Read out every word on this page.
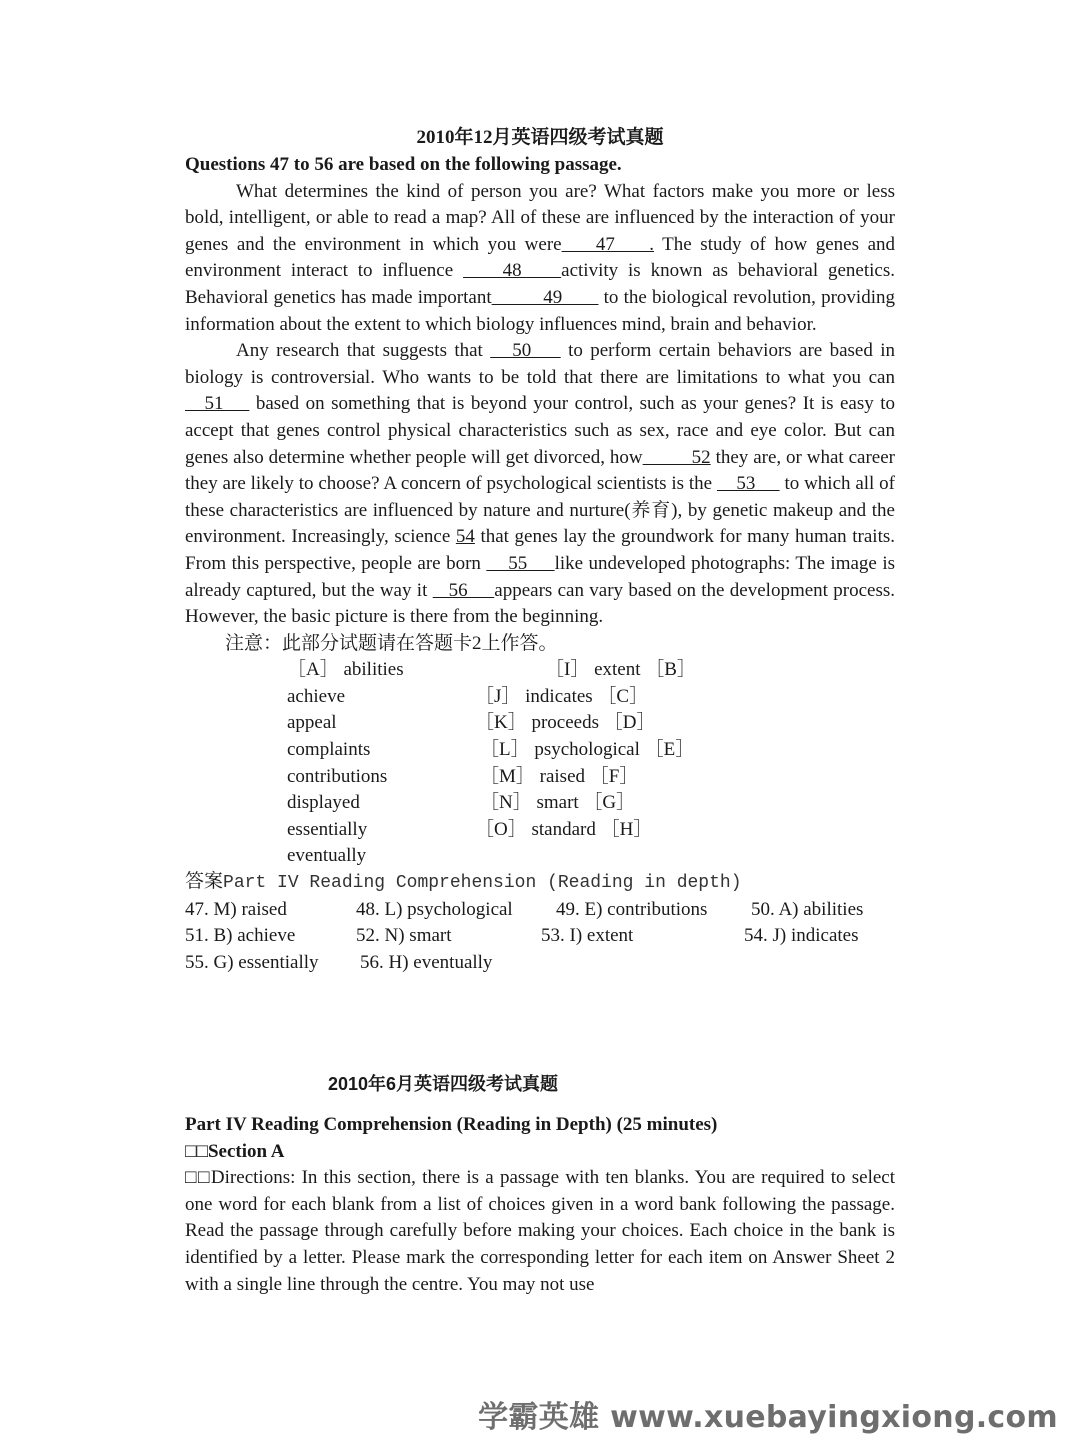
2010年12月英语四级考试真题

Questions 47 to 56 are based on the following passage.

What determines the kind of person you are? What factors make you more or less bold, intelligent, or able to read a map? All of these are influenced by the interaction of your genes and the environment in which you were    47    . The study of how genes and environment interact to influence     48    activity is known as behavioral genetics. Behavioral genetics has made important          49        to the biological revolution, providing information about the extent to which biology influences mind, brain and behavior.

Any research that suggests that    50     to perform certain behaviors are based in biology is controversial. Who wants to be told that there are limitations to what you can    51     based on something that is beyond your control, such as your genes? It is easy to accept that genes control physical characteristics such as sex, race and eye color. But can genes also determine whether people will get divorced, how          52 they are, or what career they are likely to choose? A concern of psychological scientists is the     53      to which all of these characteristics are influenced by nature and nurture(养育), by genetic makeup and the environment. Increasingly, science 54 that genes lay the groundwork for many human traits. From this perspective, people are born     55     like undeveloped photographs: The image is already captured, but the way it    56     appears can vary based on the development process. However, the basic picture is there from the beginning.

注意：此部分试题请在答题卡2上作答。
［A］ abilities	［I］ extent ［B］
achieve	［J］ indicates ［C］
appeal	［K］ proceeds ［D］
complaints	［L］ psychological ［E］
contributions	［M］ raised ［F］
displayed	［N］ smart ［G］
essentially	［O］ standard ［H］
eventually
答案Part IV Reading Comprehension (Reading in depth)
47. M) raised	48. L) psychological 49. E) contributions 50. A) abilities
51. B) achieve	52. N) smart	53. I) extent	54. J) indicates
55. G) essentially 56. H) eventually
2010年6月英语四级考试真题

Part IV Reading Comprehension (Reading in Depth) (25 minutes)

□□Section A

□□Directions: In this section, there is a passage with ten blanks. You are required to select one word for each blank from a list of choices given in a word bank following the passage. Read the passage through carefully before making your choices. Each choice in the bank is identified by a letter. Please mark the corresponding letter for each item on Answer Sheet 2 with a single line through the centre. You may not use

学霸英雄 www.xuebayingxiong.com
